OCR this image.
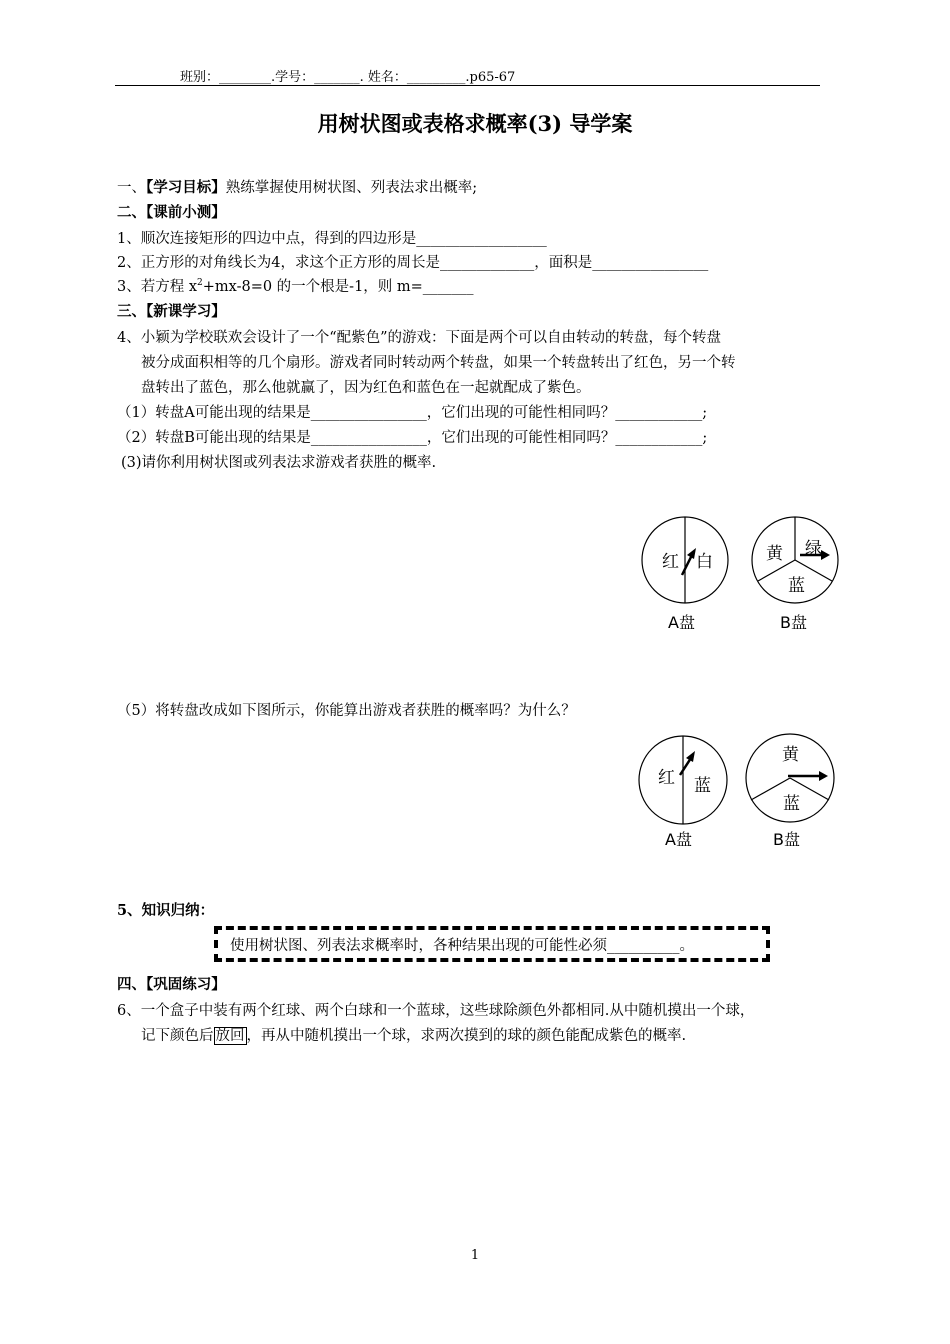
班别：________.学号：_______. 姓名：_________.p65-67
用树状图或表格求概率(3) 导学案
一、【学习目标】熟练掌握使用树状图、列表法求出概率;
二、【课前小测】
1、顺次连接矩形的四边中点，得到的四边形是__________________
2、正方形的对角线长为4，求这个正方形的周长是_____________，面积是________________
3、若方程 $x^2+mx-8=0$ 的一个根是-1，则 m=_______
三、【新课学习】
4、小颖为学校联欢会设计了一个“配紫色”的游戏：下面是两个可以自由转动的转盘，每个转盘
被分成面积相等的几个扇形。游戏者同时转动两个转盘，如果一个转盘转出了红色，另一个转
盘转出了蓝色，那么他就赢了，因为红色和蓝色在一起就配成了紫色。
（1）转盘A可能出现的结果是________________，它们出现的可能性相同吗？____________;
（2）转盘B可能出现的结果是________________，它们出现的可能性相同吗？____________;
(3)请你利用树状图或列表法求游戏者获胜的概率.
红 白
A盘
黄 绿
蓝
B盘
（5）将转盘改成如下图所示，你能算出游戏者获胜的概率吗？为什么？
红 蓝
A盘
黄
蓝
B盘
5、知识归纳：
使用树状图、列表法求概率时，各种结果出现的可能性必须__________。
四、【巩固练习】
6、一个盒子中装有两个红球、两个白球和一个蓝球，这些球除颜色外都相同.从中随机摸出一个球，
记下颜色后 放回 ，再从中随机摸出一个球，求两次摸到的球的颜色能配成紫色的概率.
1
